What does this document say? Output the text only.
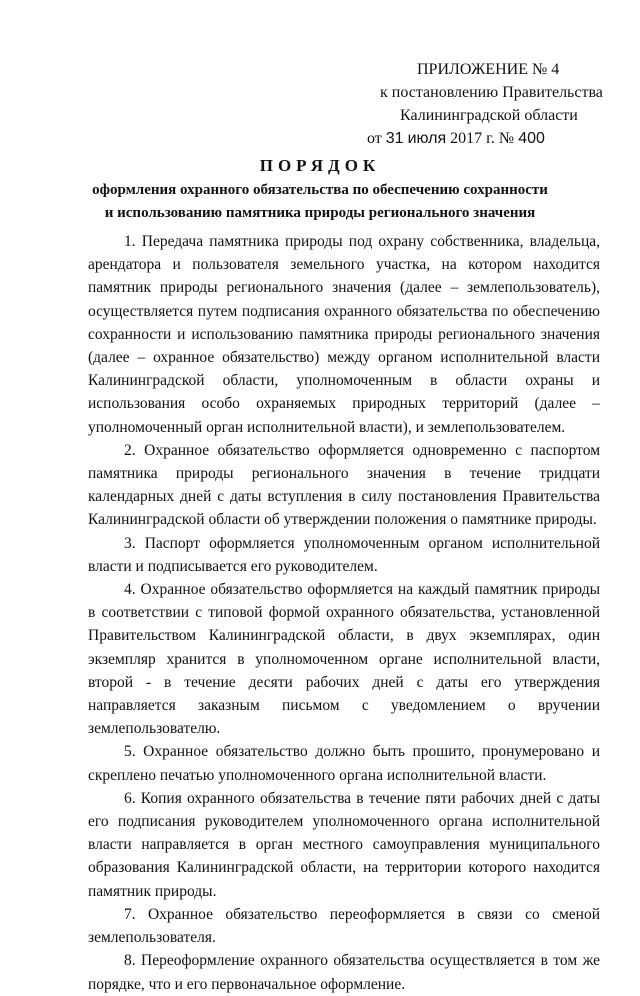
ПРИЛОЖЕНИЕ № 4
к постановлению Правительства
Калининградской области
от 31 июля 2017 г. № 400
ПОРЯДОК
оформления охранного обязательства по обеспечению сохранности
и использованию памятника природы регионального значения

1. Передача памятника природы под охрану собственника, владельца, арендатора и пользователя земельного участка, на котором находится памятник природы регионального значения (далее – землепользователь), осуществляется путем подписания охранного обязательства по обеспечению сохранности и использованию памятника природы регионального значения (далее – охранное обязательство) между органом исполнительной власти Калининградской области, уполномоченным в области охраны и использования особо охраняемых природных территорий (далее – уполномоченный орган исполнительной власти), и землепользователем.

2. Охранное обязательство оформляется одновременно с паспортом памятника природы регионального значения в течение тридцати календарных дней с даты вступления в силу постановления Правительства Калининградской области об утверждении положения о памятнике природы.

3. Паспорт оформляется уполномоченным органом исполнительной власти и подписывается его руководителем.

4. Охранное обязательство оформляется на каждый памятник природы в соответствии с типовой формой охранного обязательства, установленной Правительством Калининградской области, в двух экземплярах, один экземпляр хранится в уполномоченном органе исполнительной власти, второй - в течение десяти рабочих дней с даты его утверждения направляется заказным письмом с уведомлением о вручении землепользователю.

5. Охранное обязательство должно быть прошито, пронумеровано и скреплено печатью уполномоченного органа исполнительной власти.

6. Копия охранного обязательства в течение пяти рабочих дней с даты его подписания руководителем уполномоченного органа исполнительной власти направляется в орган местного самоуправления муниципального образования Калининградской области, на территории которого находится памятник природы.

7. Охранное обязательство переоформляется в связи со сменой землепользователя.

8. Переоформление охранного обязательства осуществляется в том же порядке, что и его первоначальное оформление.
